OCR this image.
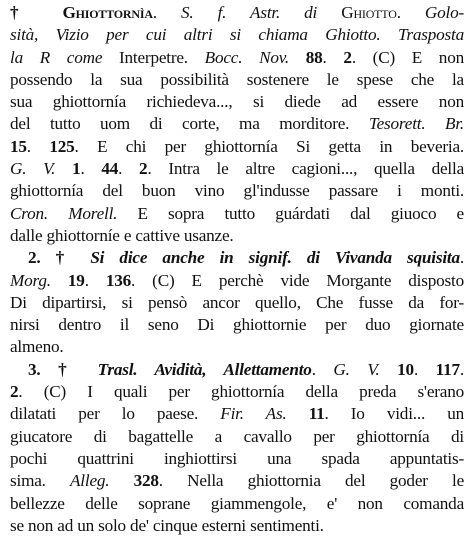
† Ghiottornìa. S. f. Astr. di Ghiotto. Golo-
sità, Vizio per cui altri si chiama Ghiotto. Trasposta
la R come Interpetre. Bocc. Nov. 88. 2. (C) E non
possendo la sua possibilità sostenere le spese che la
sua ghiottornía richiedeva..., si diede ad essere non
del tutto uom di corte, ma morditore. Tesorett. Br.
15. 125. E chi per ghiottornía Si getta in beveria.
G. V. 1. 44. 2. Intra le altre cagioni..., quella della
ghiottornía del buon vino gl'indusse passare i monti.
Cron. Morell. E sopra tutto guárdati dal giuoco e
dalle ghiottorníe e cattive usanze.
2. † Si dice anche in signif. di Vivanda squisita.
Morg. 19. 136. (C) E perchè vide Morgante disposto
Di dipartirsi, si pensò ancor quello, Che fusse da for-
nirsi dentro il seno Di ghiottornie per duo giornate
almeno.
3. † Trasl. Avidità, Allettamento. G. V. 10. 117.
2. (C) I quali per ghiottornía della preda s'erano
dilatati per lo paese. Fir. As. 11. Io vidi... un
giucatore di bagattelle a cavallo per ghiottornía di
pochi quattrini inghiottirsi una spada appuntatis-
sima. Alleg. 328. Nella ghiottornia del goder le
bellezze delle soprane giammengole, e' non comanda
se non ad un solo de' cinque esterni sentimenti.
